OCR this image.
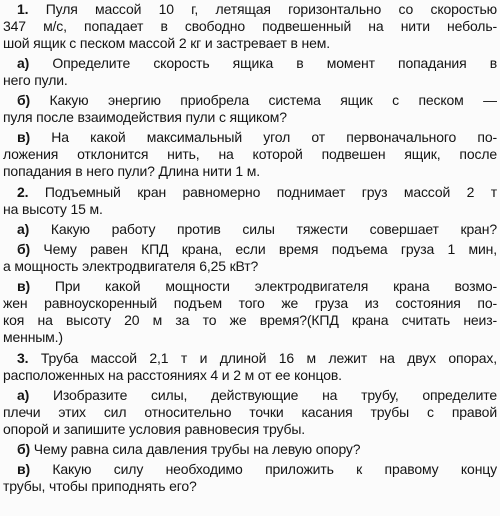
1. Пуля массой 10 г, летящая горизонтально со скоростью
347 м/с, попадает в свободно подвешенный на нити неболь-
шой ящик с песком массой 2 кг и застревает в нем.
а) Определите скорость ящика в момент попадания в
него пули.
б) Какую энергию приобрела система ящик с песком —
пуля после взаимодействия пули с ящиком?
в) На какой максимальный угол от первоначального по-
ложения отклонится нить, на которой подвешен ящик, после
попадания в него пули? Длина нити 1 м.
2. Подъемный кран равномерно поднимает груз массой 2 т
на высоту 15 м.
а) Какую работу против силы тяжести совершает кран?
б) Чему равен КПД крана, если время подъема груза 1 мин,
а мощность электродвигателя 6,25 кВт?
в) При какой мощности электродвигателя крана возмо-
жен равноускоренный подъем того же груза из состояния по-
коя на высоту 20 м за то же время?(КПД крана считать неиз-
менным.)
3. Труба массой 2,1 т и длиной 16 м лежит на двух опорах,
расположенных на расстояниях 4 и 2 м от ее концов.
а) Изобразите силы, действующие на трубу, определите
плечи этих сил относительно точки касания трубы с правой
опорой и запишите условия равновесия трубы.
б) Чему равна сила давления трубы на левую опору?
в) Какую силу необходимо приложить к правому концу
трубы, чтобы приподнять его?
